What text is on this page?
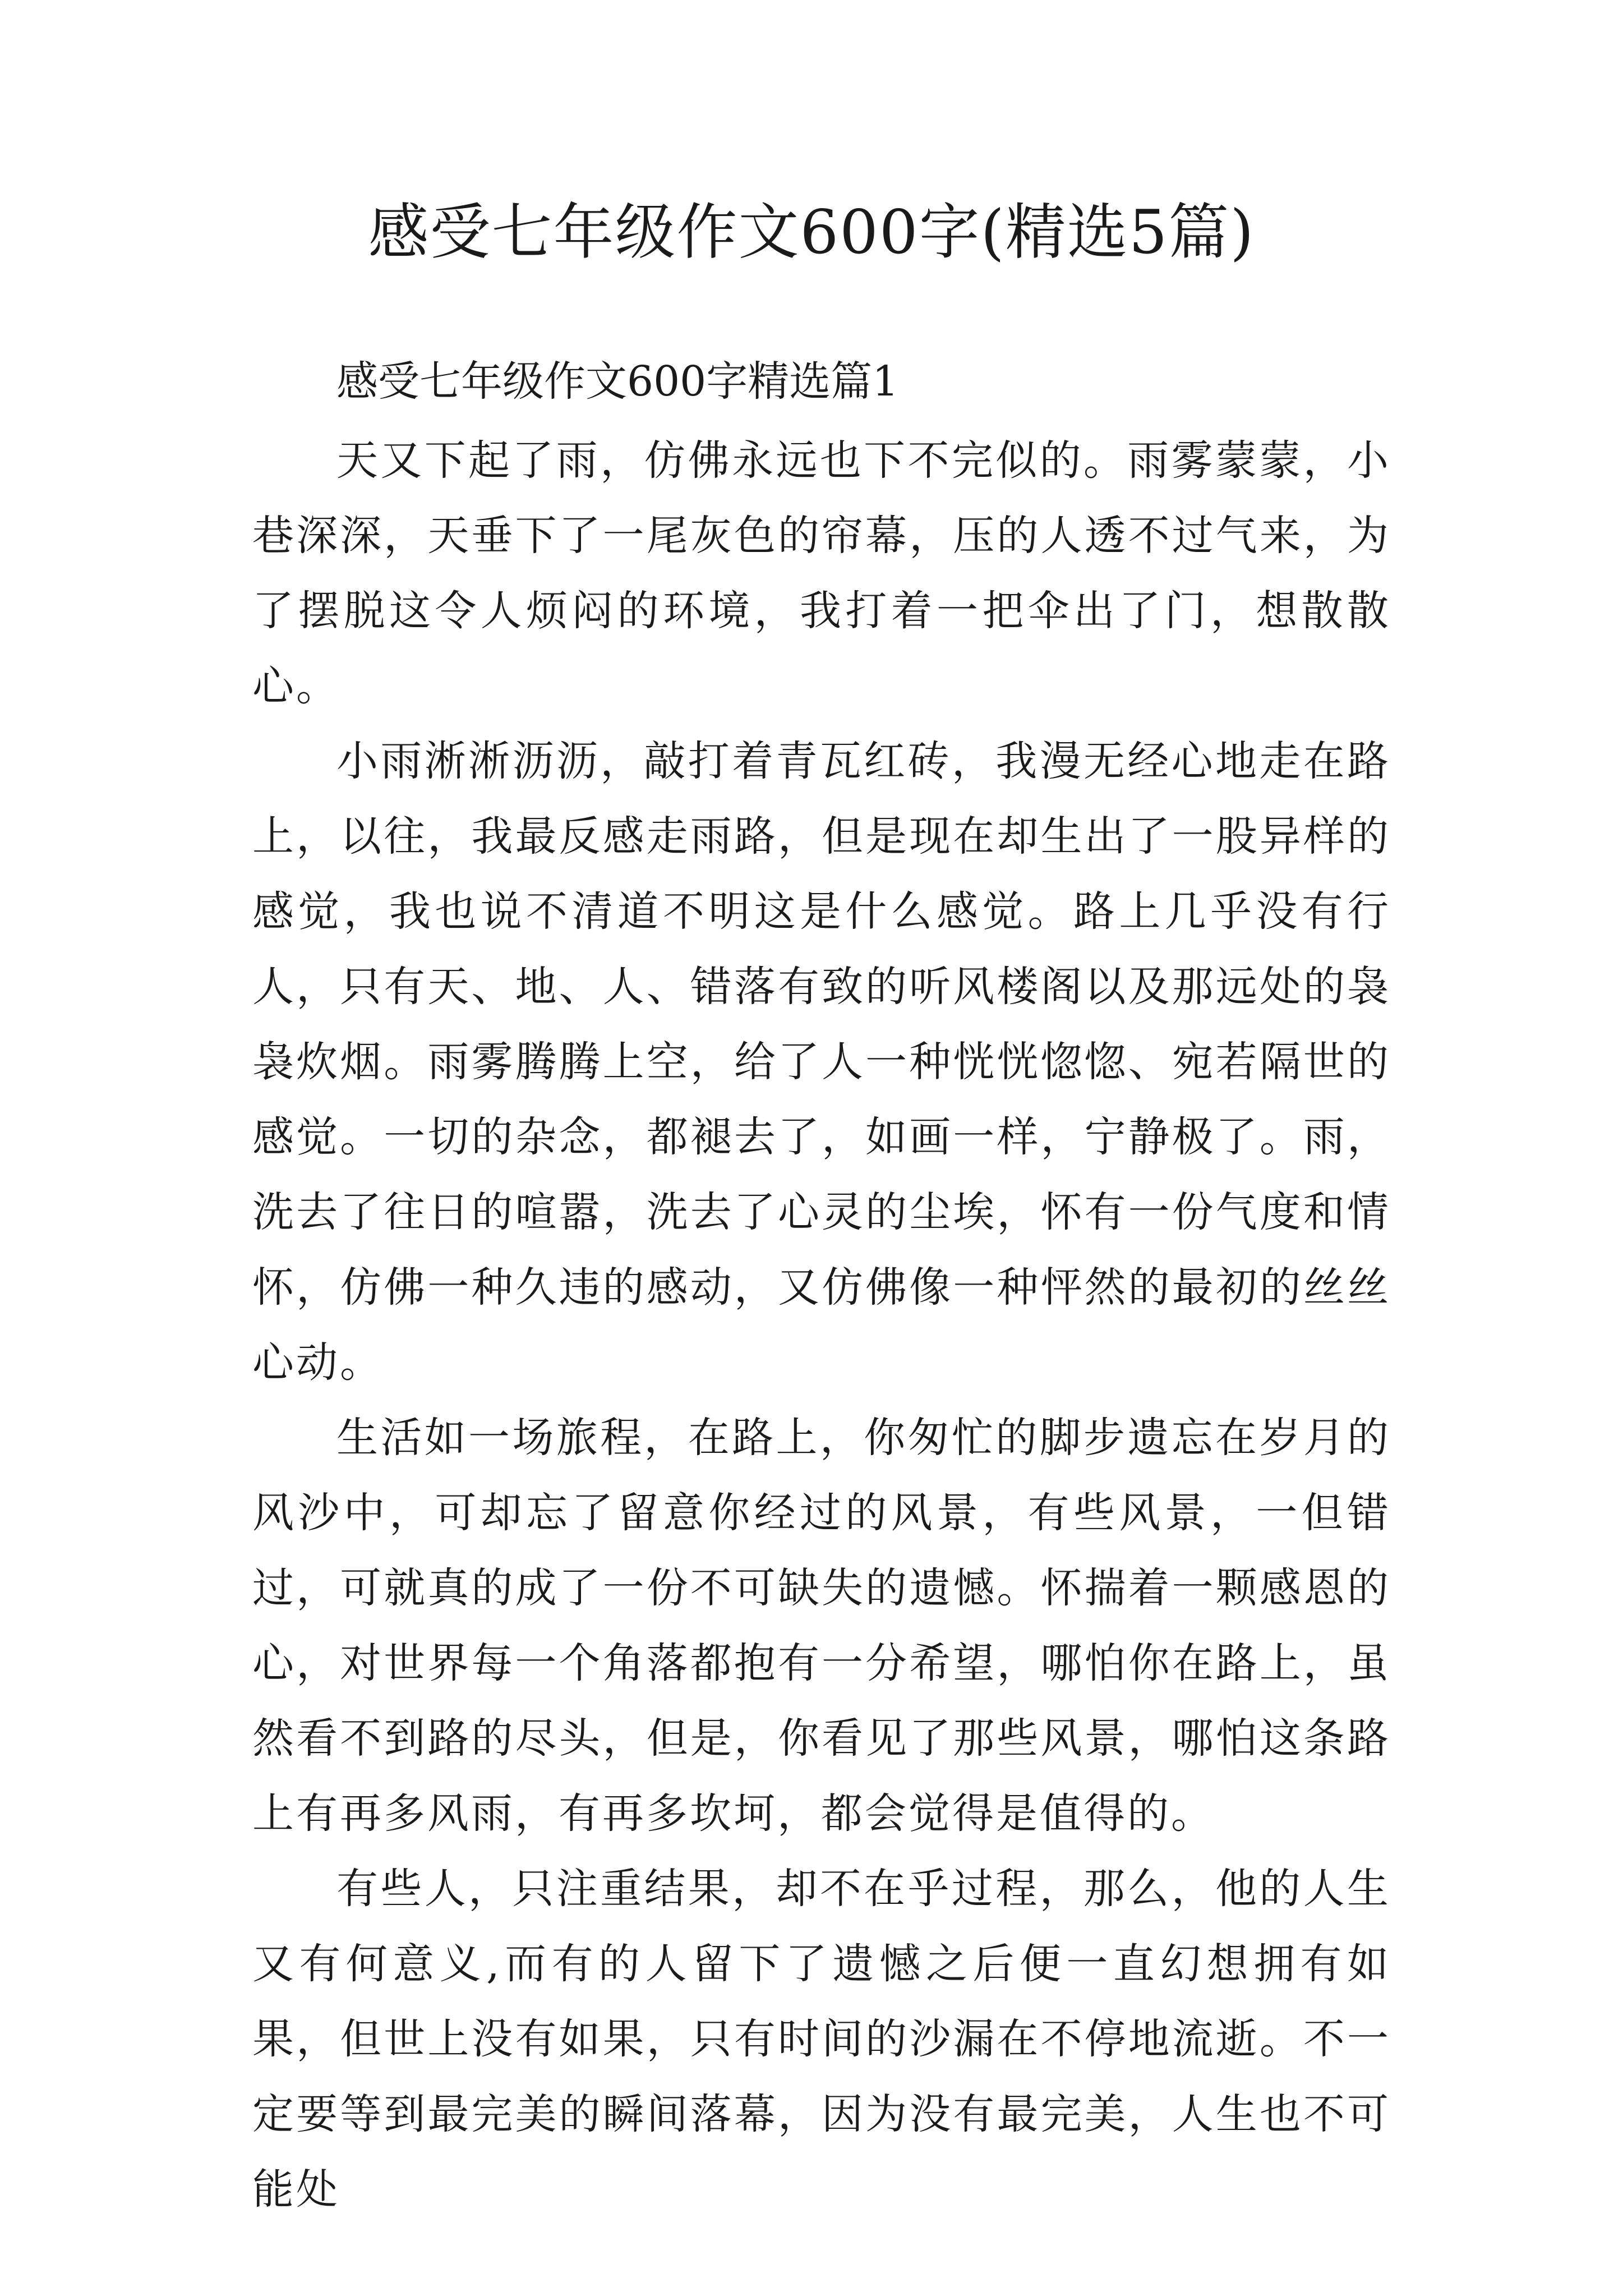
感受七年级作文600字(精选5篇)

感受七年级作文600字精选篇1

天又下起了雨，仿佛永远也下不完似的。雨雾蒙蒙，小巷深深，天垂下了一尾灰色的帘幕，压的人透不过气来，为了摆脱这令人烦闷的环境，我打着一把伞出了门，想散散心。

小雨淅淅沥沥，敲打着青瓦红砖，我漫无经心地走在路上，以往，我最反感走雨路，但是现在却生出了一股异样的感觉，我也说不清道不明这是什么感觉。路上几乎没有行人，只有天、地、人、错落有致的听风楼阁以及那远处的袅袅炊烟。雨雾腾腾上空，给了人一种恍恍惚惚、宛若隔世的感觉。一切的杂念，都褪去了，如画一样，宁静极了。雨，洗去了往日的喧嚣，洗去了心灵的尘埃，怀有一份气度和情怀，仿佛一种久违的感动，又仿佛像一种怦然的最初的丝丝心动。

生活如一场旅程，在路上，你匆忙的脚步遗忘在岁月的风沙中，可却忘了留意你经过的风景，有些风景，一但错过，可就真的成了一份不可缺失的遗憾。怀揣着一颗感恩的心，对世界每一个角落都抱有一分希望，哪怕你在路上，虽然看不到路的尽头，但是，你看见了那些风景，哪怕这条路上有再多风雨，有再多坎坷，都会觉得是值得的。

有些人，只注重结果，却不在乎过程，那么，他的人生又有何意义,而有的人留下了遗憾之后便一直幻想拥有如果，但世上没有如果，只有时间的沙漏在不停地流逝。不一定要等到最完美的瞬间落幕，因为没有最完美，人生也不可能处
